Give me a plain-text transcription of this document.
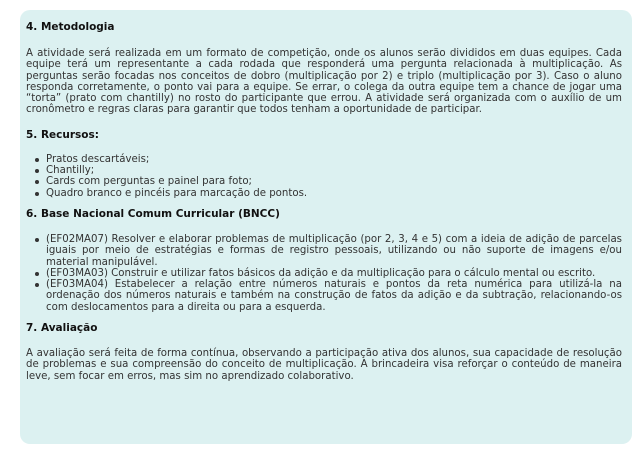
4. Metodologia

A atividade será realizada em um formato de competição, onde os alunos serão divididos em duas equipes. Cada equipe terá um representante a cada rodada que responderá uma pergunta relacionada à multiplicação. As perguntas serão focadas nos conceitos de dobro (multiplicação por 2) e triplo (multiplicação por 3). Caso o aluno responda corretamente, o ponto vai para a equipe. Se errar, o colega da outra equipe tem a chance de jogar uma “torta” (prato com chantilly) no rosto do participante que errou. A atividade será organizada com o auxílio de um cronômetro e regras claras para garantir que todos tenham a oportunidade de participar.

5. Recursos:
Pratos descartáveis;
Chantilly;
Cards com perguntas e painel para foto;
Quadro branco e pincéis para marcação de pontos.
6. Base Nacional Comum Curricular (BNCC)
(EF02MA07) Resolver e elaborar problemas de multiplicação (por 2, 3, 4 e 5) com a ideia de adição de parcelas iguais por meio de estratégias e formas de registro pessoais, utilizando ou não suporte de imagens e/ou material manipulável.
(EF03MA03) Construir e utilizar fatos básicos da adição e da multiplicação para o cálculo mental ou escrito.
(EF03MA04) Estabelecer a relação entre números naturais e pontos da reta numérica para utilizá-la na ordenação dos números naturais e também na construção de fatos da adição e da subtração, relacionando-os com deslocamentos para a direita ou para a esquerda.
7. Avaliação

A avaliação será feita de forma contínua, observando a participação ativa dos alunos, sua capacidade de resolução de problemas e sua compreensão do conceito de multiplicação. A brincadeira visa reforçar o conteúdo de maneira leve, sem focar em erros, mas sim no aprendizado colaborativo.
